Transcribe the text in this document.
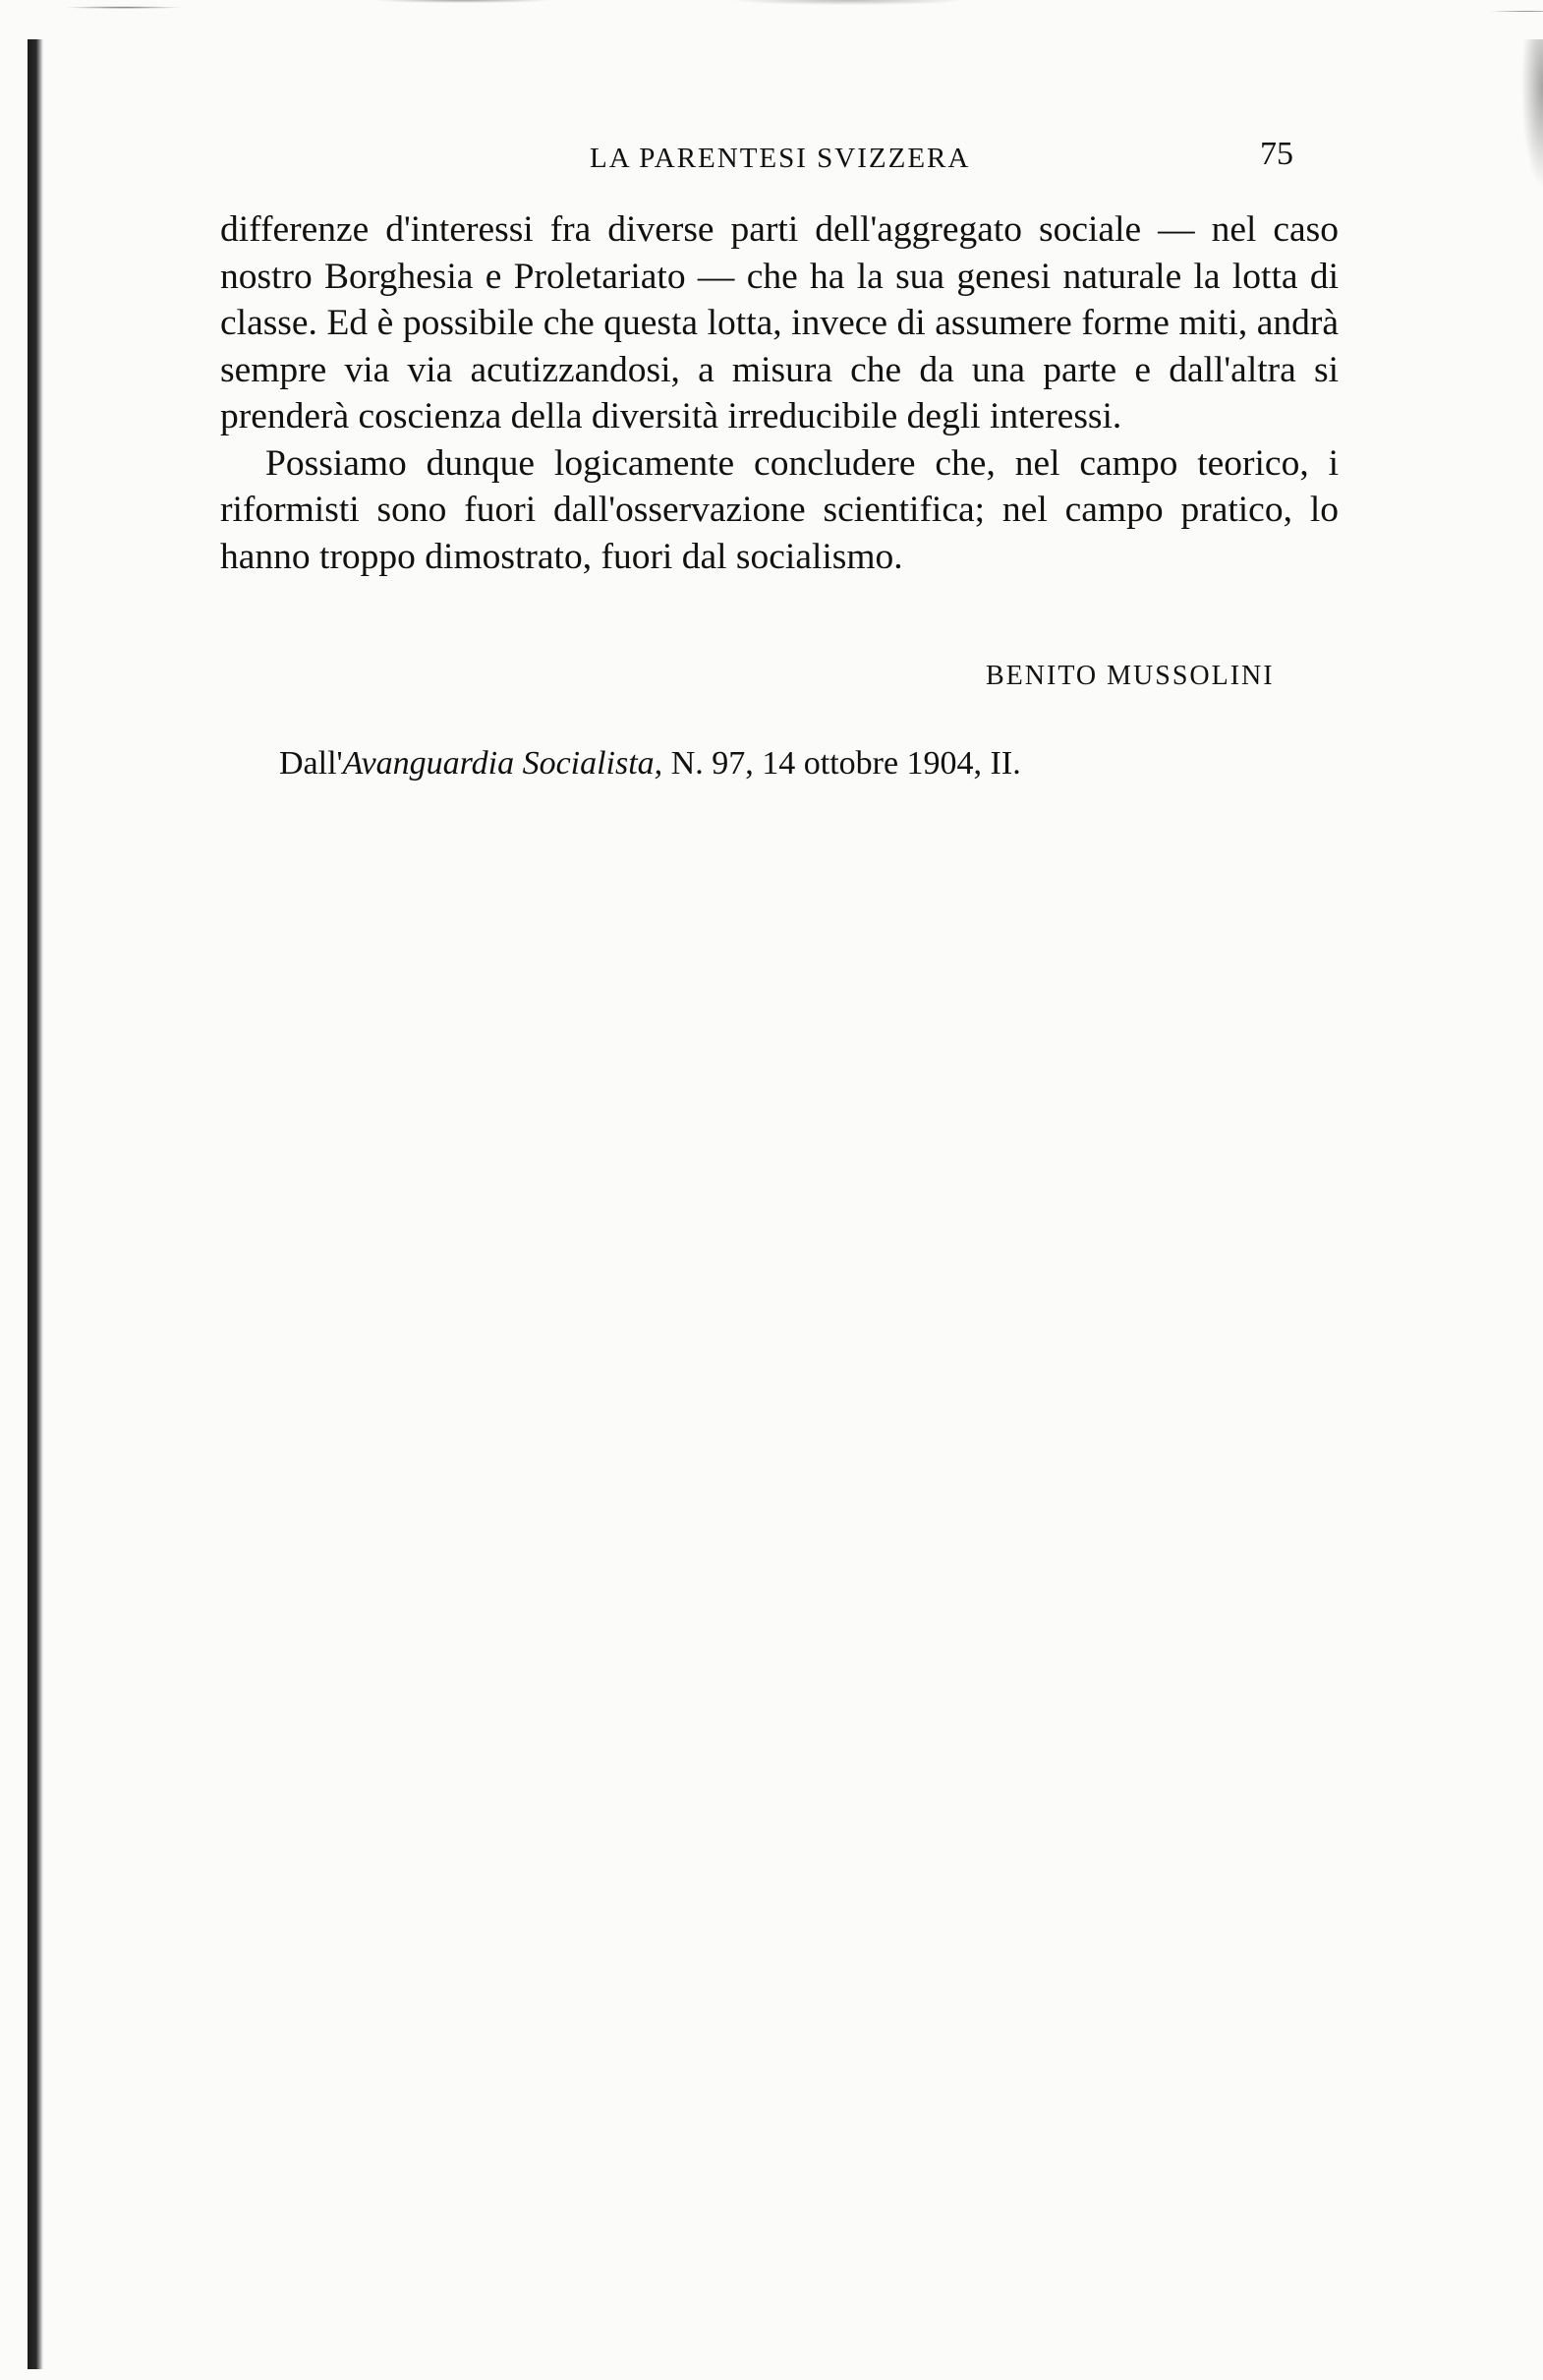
LA PARENTESI SVIZZERA	75

differenze d'interessi fra diverse parti dell'aggregato sociale — nel caso nostro Borghesia e Proletariato — che ha la sua genesi naturale la lotta di classe. Ed è possibile che questa lotta, invece di assumere forme miti, andrà sempre via via acutizzandosi, a misura che da una parte e dall'altra si prenderà coscienza della diversità irreducibile degli interessi.

Possiamo dunque logicamente concludere che, nel campo teorico, i riformisti sono fuori dall'osservazione scientifica; nel campo pratico, lo hanno troppo dimostrato, fuori dal socialismo.

BENITO MUSSOLINI
Dall'Avanguardia Socialista, N. 97, 14 ottobre 1904, II.
